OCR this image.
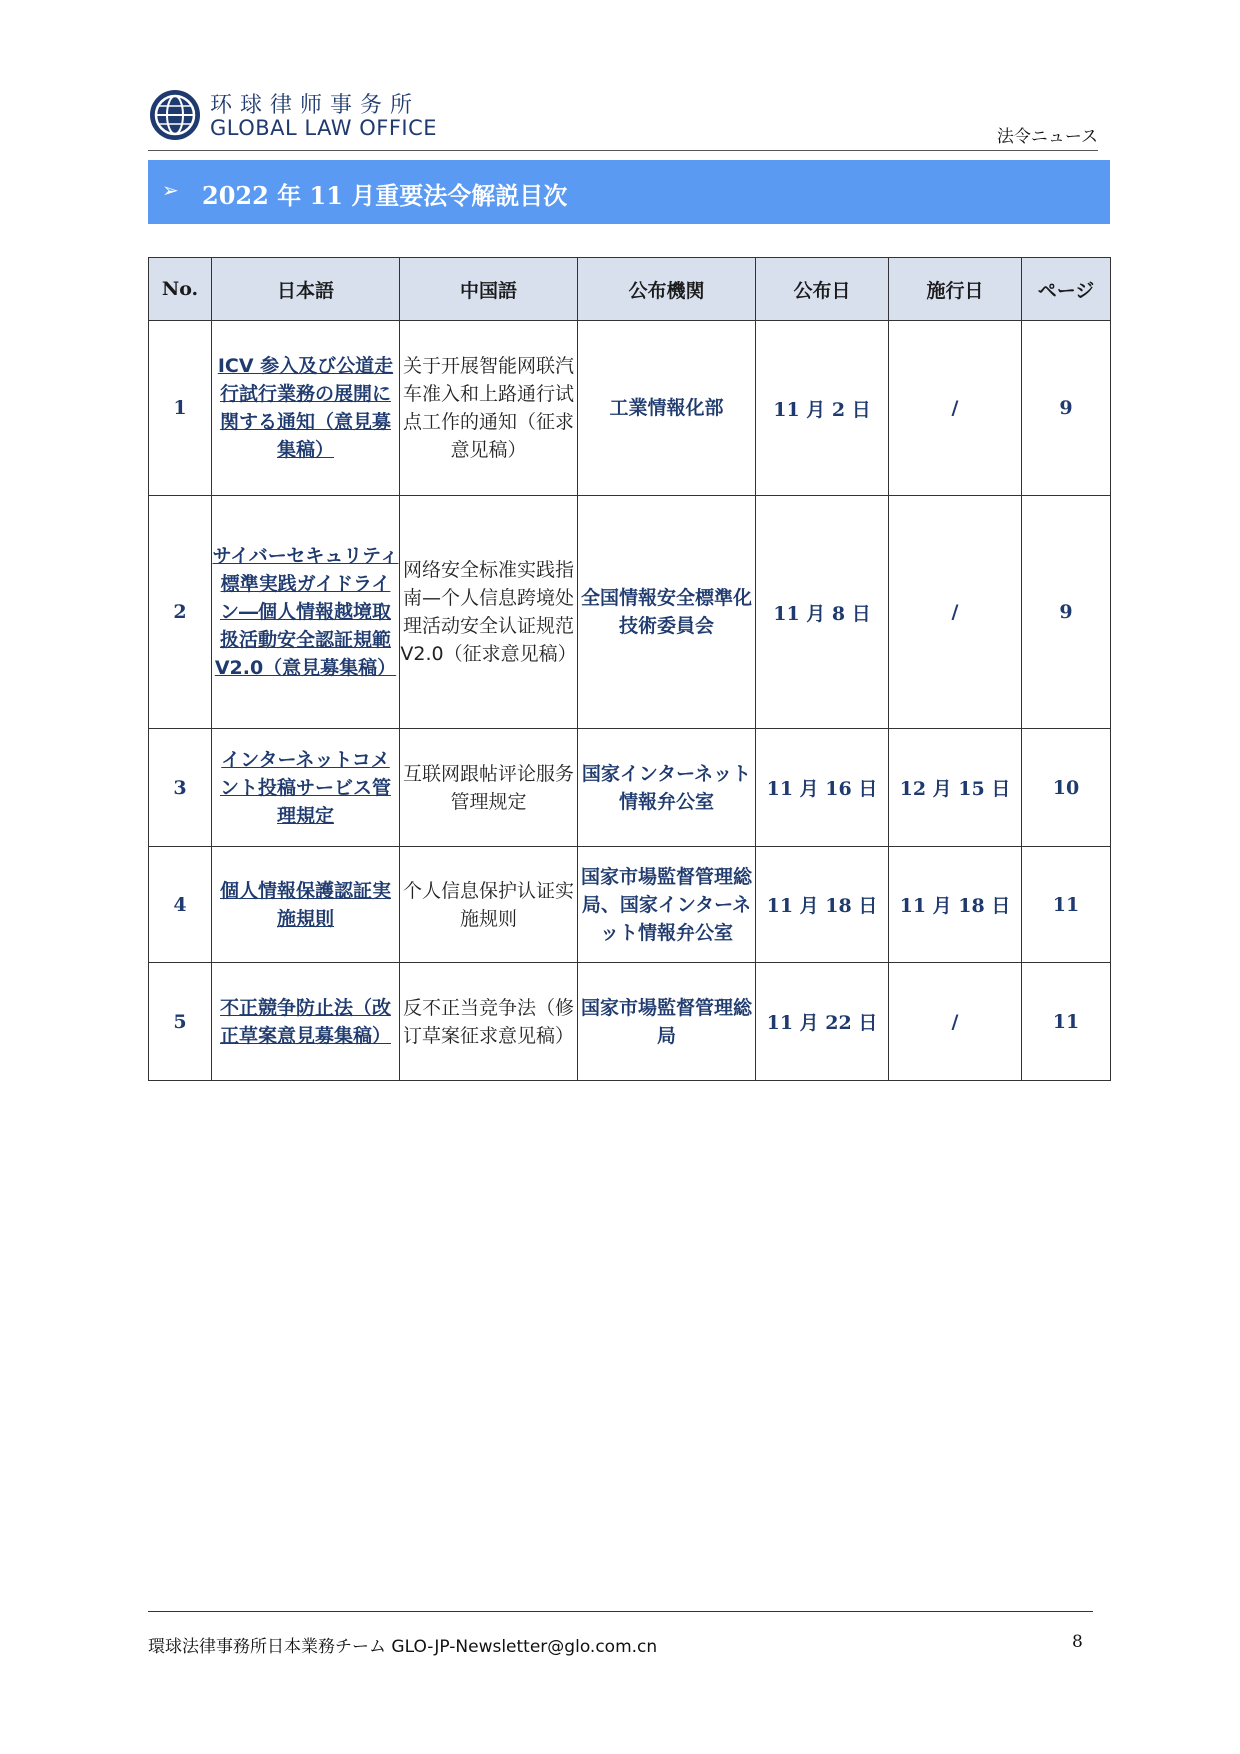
环球律师事务所
GLOBAL LAW OFFICE	法令ニュース
➢ 2022 年 11 月重要法令解説目次
No.	日本語	中国語	公布機関	公布日	施行日	ページ
1	ICV 参入及び公道走行試行業務の展開に関する通知（意見募集稿）	关于开展智能网联汽车准入和上路通行试点工作的通知（征求意见稿）	工業情報化部	11 月 2 日	/	9
2	サイバーセキュリティ標準実践ガイドライン―個人情報越境取扱活動安全認証規範 V2.0（意見募集稿）	网络安全标准实践指南—个人信息跨境处理活动安全认证规范 V2.0（征求意见稿）	全国情報安全標準化技術委員会	11 月 8 日	/	9
3	インターネットコメント投稿サービス管理規定	互联网跟帖评论服务管理规定	国家インターネット情報弁公室	11 月 16 日	12 月 15 日	10
4	個人情報保護認証実施規則	个人信息保护认证实施规则	国家市場監督管理総局、国家インターネット情報弁公室	11 月 18 日	11 月 18 日	11
5	不正競争防止法（改正草案意見募集稿）	反不正当竞争法（修订草案征求意见稿）	国家市場監督管理総局	11 月 22 日	/	11
環球法律事務所日本業務チーム GLO-JP-Newsletter@glo.com.cn	8
